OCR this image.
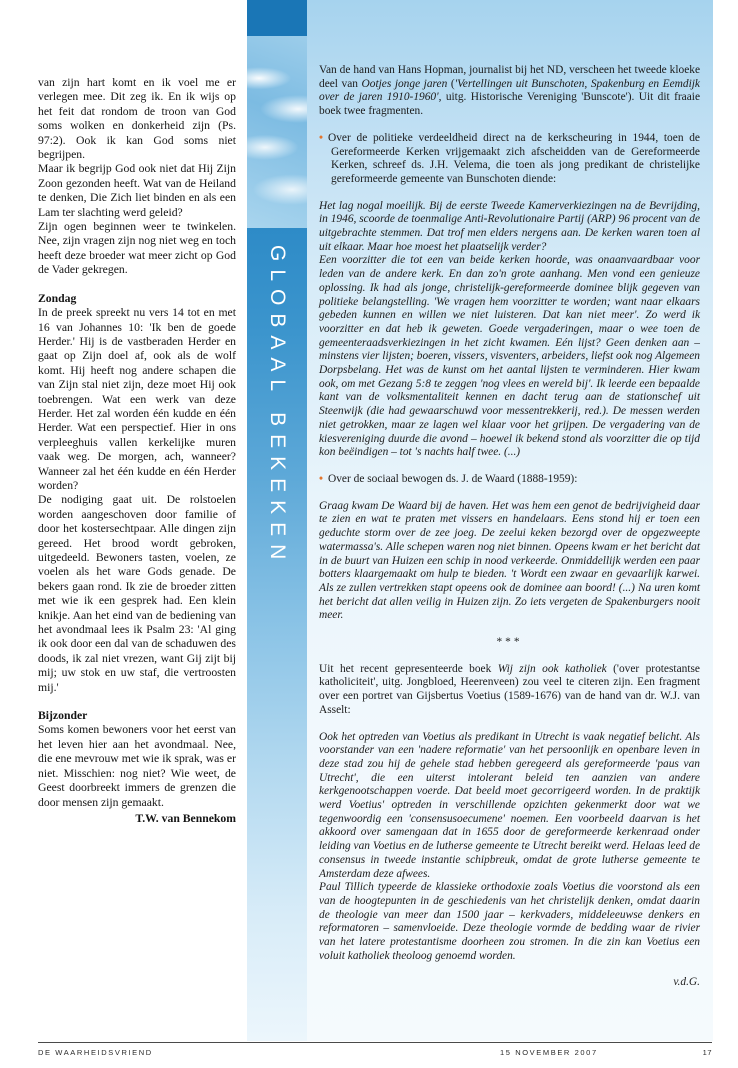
van zijn hart komt en ik voel me er verlegen mee. Dit zeg ik. En ik wijs op het feit dat rondom de troon van God soms wolken en donkerheid zijn (Ps. 97:2). Ook ik kan God soms niet begrijpen.

Maar ik begrijp God ook niet dat Hij Zijn Zoon gezonden heeft. Wat van de Heiland te denken, Die Zich liet binden en als een Lam ter slachting werd geleid?

Zijn ogen beginnen weer te twinkelen. Nee, zijn vragen zijn nog niet weg en toch heeft deze broeder wat meer zicht op God de Vader gekregen.

Zondag

In de preek spreekt nu vers 14 tot en met 16 van Johannes 10: 'Ik ben de goede Herder.' Hij is de vastberaden Herder en gaat op Zijn doel af, ook als de wolf komt. Hij heeft nog andere schapen die van Zijn stal niet zijn, deze moet Hij ook toebrengen. Wat een werk van deze Herder. Het zal worden één kudde en één Herder. Wat een perspectief. Hier in ons verpleeghuis vallen kerkelijke muren vaak weg. De morgen, ach, wanneer? Wanneer zal het één kudde en één Herder worden?

De nodiging gaat uit. De rolstoelen worden aangeschoven door familie of door het kostersechtpaar. Alle dingen zijn gereed. Het brood wordt gebroken, uitgedeeld. Bewoners tasten, voelen, ze voelen als het ware Gods genade. De bekers gaan rond. Ik zie de broeder zitten met wie ik een gesprek had. Een klein knikje. Aan het eind van de bediening van het avondmaal lees ik Psalm 23: 'Al ging ik ook door een dal van de schaduwen des doods, ik zal niet vrezen, want Gij zijt bij mij; uw stok en uw staf, die vertroosten mij.'

Bijzonder

Soms komen bewoners voor het eerst van het leven hier aan het avondmaal. Nee, die ene mevrouw met wie ik sprak, was er niet. Misschien: nog niet? Wie weet, de Geest doorbreekt immers de grenzen die door mensen zijn gemaakt.

T.W. van Bennekom

GLOBAAL BEKEKEN

Van de hand van Hans Hopman, journalist bij het ND, verscheen het tweede kloeke deel van Ootjes jonge jaren ('Vertellingen uit Bunschoten, Spakenburg en Eemdijk over de jaren 1910-1960', uitg. Historische Vereniging 'Bunscote'). Uit dit fraaie boek twee fragmenten.

• Over de politieke verdeeldheid direct na de kerkscheuring in 1944, toen de Gereformeerde Kerken vrijgemaakt zich afscheidden van de Gereformeerde Kerken, schreef ds. J.H. Velema, die toen als jong predikant de christelijke gereformeerde gemeente van Bunschoten diende:

Het lag nogal moeilijk. Bij de eerste Tweede Kamerverkiezingen na de Bevrijding, in 1946, scoorde de toenmalige Anti-Revolutionaire Partij (ARP) 96 procent van de uitgebrachte stemmen. Dat trof men elders nergens aan. De kerken waren toen al uit elkaar. Maar hoe moest het plaatselijk verder?

Een voorzitter die tot een van beide kerken hoorde, was onaanvaardbaar voor leden van de andere kerk. En dan zo'n grote aanhang. Men vond een genieuze oplossing. Ik had als jonge, christelijk-gereformeerde dominee blijk gegeven van politieke belangstelling. 'We vragen hem voorzitter te worden; want naar elkaars gebeden kunnen en willen we niet luisteren. Dat kan niet meer'. Zo werd ik voorzitter en dat heb ik geweten. Goede vergaderingen, maar o wee toen de gemeenteraadsverkiezingen in het zicht kwamen. Eén lijst? Geen denken aan – minstens vier lijsten; boeren, vissers, visventers, arbeiders, liefst ook nog Algemeen Dorpsbelang. Het was de kunst om het aantal lijsten te verminderen. Hier kwam ook, om met Gezang 5:8 te zeggen 'nog vlees en wereld bij'. Ik leerde een bepaalde kant van de volksmentaliteit kennen en dacht terug aan de stationschef uit Steenwijk (die had gewaarschuwd voor messentrekkerij, red.). De messen werden niet getrokken, maar ze lagen wel klaar voor het grijpen. De vergadering van de kiesvereniging duurde die avond – hoewel ik bekend stond als voorzitter die op tijd kon beëindigen – tot 's nachts half twee. (...)

• Over de sociaal bewogen ds. J. de Waard (1888-1959):

Graag kwam De Waard bij de haven. Het was hem een genot de bedrijvigheid daar te zien en wat te praten met vissers en handelaars. Eens stond hij er toen een geduchte storm over de zee joeg. De zeelui keken bezorgd over de opgezweepte watermassa's. Alle schepen waren nog niet binnen. Opeens kwam er het bericht dat in de buurt van Huizen een schip in nood verkeerde. Onmiddellijk werden een paar botters klaargemaakt om hulp te bieden. 't Wordt een zwaar en gevaarlijk karwei. Als ze zullen vertrekken stapt opeens ook de dominee aan boord! (...) Na uren komt het bericht dat allen veilig in Huizen zijn. Zo iets vergeten de Spakenburgers nooit meer.

***

Uit het recent gepresenteerde boek Wij zijn ook katholiek ('over protestantse katholiciteit', uitg. Jongbloed, Heerenveen) zou veel te citeren zijn. Een fragment over een portret van Gijsbertus Voetius (1589-1676) van de hand van dr. W.J. van Asselt:

Ook het optreden van Voetius als predikant in Utrecht is vaak negatief belicht. Als voorstander van een 'nadere reformatie' van het persoonlijk en openbare leven in deze stad zou hij de gehele stad hebben geregeerd als gereformeerde 'paus van Utrecht', die een uiterst intolerant beleid ten aanzien van andere kerkgenootschappen voerde. Dat beeld moet gecorrigeerd worden. In de praktijk werd Voetius' optreden in verschillende opzichten gekenmerkt door wat we tegenwoordig een 'consensusoecumene' noemen. Een voorbeeld daarvan is het akkoord over samengaan dat in 1655 door de gereformeerde kerkenraad onder leiding van Voetius en de lutherse gemeente te Utrecht bereikt werd. Helaas leed de consensus in tweede instantie schipbreuk, omdat de grote lutherse gemeente te Amsterdam deze afwees.

Paul Tillich typeerde de klassieke orthodoxie zoals Voetius die voorstond als een van de hoogtepunten in de geschiedenis van het christelijk denken, omdat daarin de theologie van meer dan 1500 jaar – kerkvaders, middeleeuwse denkers en reformatoren – samenvloeide. Deze theologie vormde de bedding waar de rivier van het latere protestantisme doorheen zou stromen. In die zin kan Voetius een voluit katholiek theoloog genoemd worden.

v.d.G.

DE WAARHEIDSVRIEND	15 NOVEMBER 2007	17
